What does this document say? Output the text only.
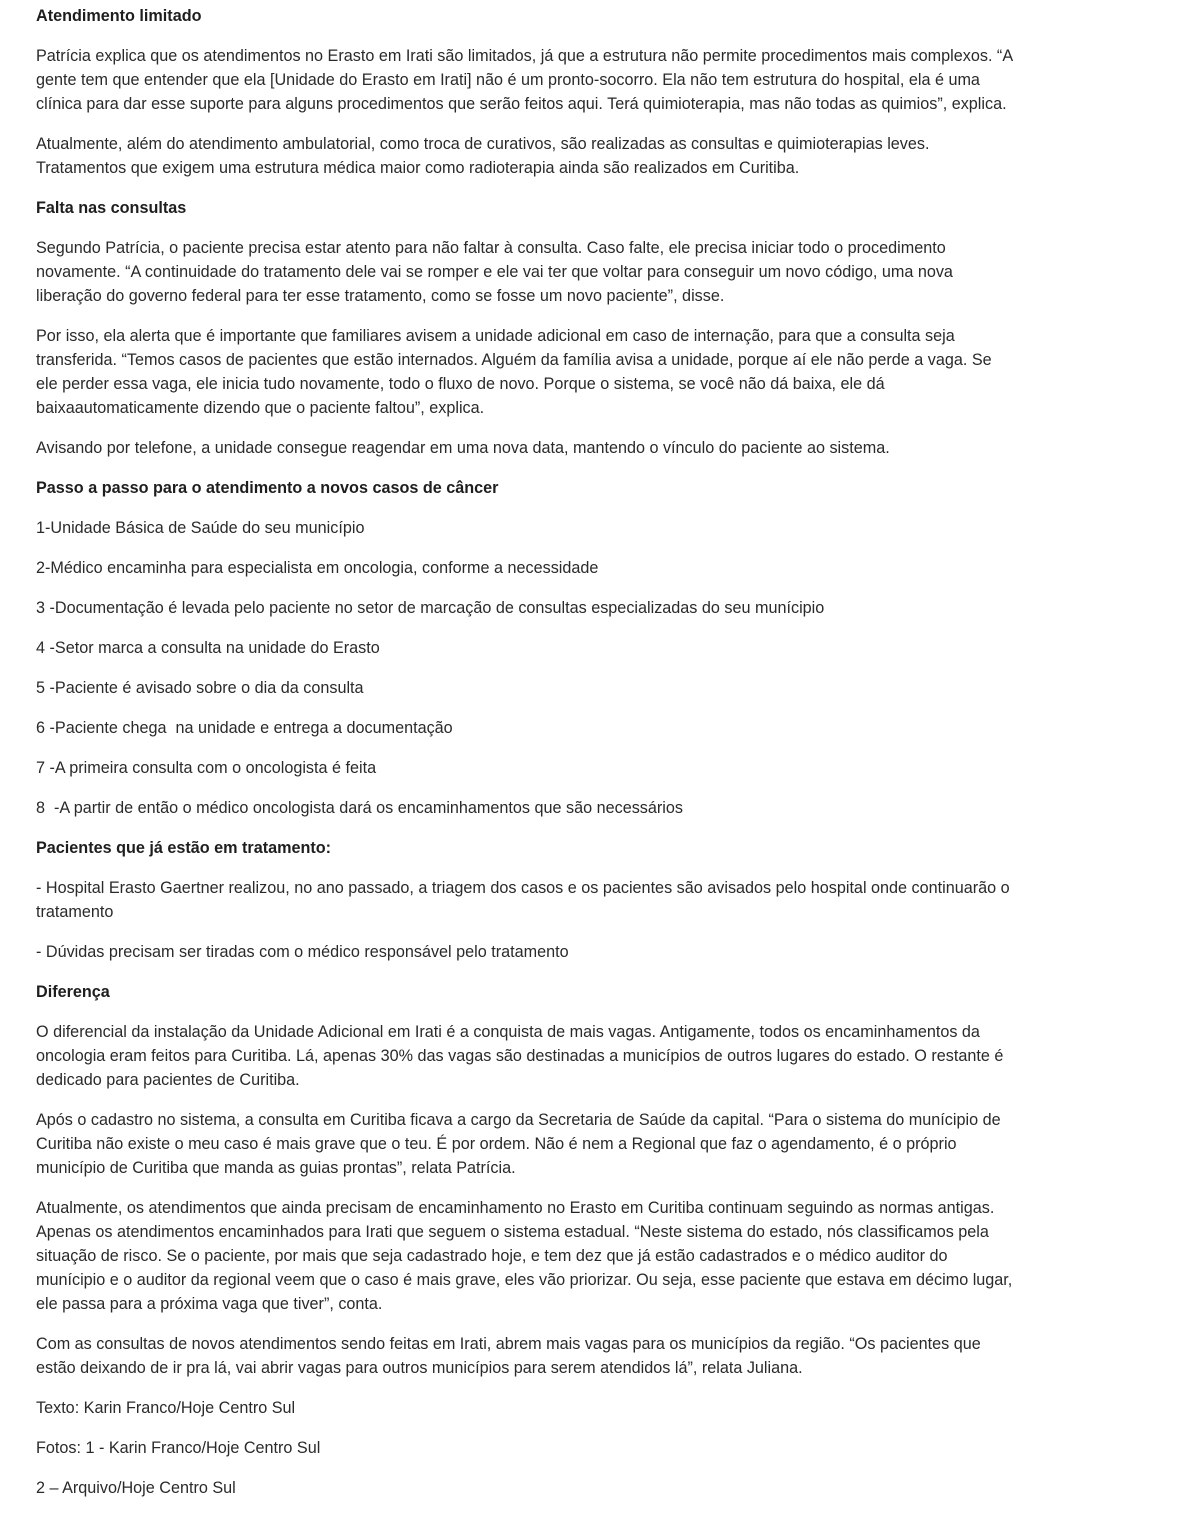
Atendimento limitado

Patrícia explica que os atendimentos no Erasto em Irati são limitados, já que a estrutura não permite procedimentos mais complexos. “A gente tem que entender que ela [Unidade do Erasto em Irati] não é um pronto-socorro. Ela não tem estrutura do hospital, ela é uma clínica para dar esse suporte para alguns procedimentos que serão feitos aqui. Terá quimioterapia, mas não todas as quimios”, explica.

Atualmente, além do atendimento ambulatorial, como troca de curativos, são realizadas as consultas e quimioterapias leves. Tratamentos que exigem uma estrutura médica maior como radioterapia ainda são realizados em Curitiba.

Falta nas consultas

Segundo Patrícia, o paciente precisa estar atento para não faltar à consulta. Caso falte, ele precisa iniciar todo o procedimento novamente. “A continuidade do tratamento dele vai se romper e ele vai ter que voltar para conseguir um novo código, uma nova liberação do governo federal para ter esse tratamento, como se fosse um novo paciente”, disse.

Por isso, ela alerta que é importante que familiares avisem a unidade adicional em caso de internação, para que a consulta seja transferida. “Temos casos de pacientes que estão internados. Alguém da família avisa a unidade, porque aí ele não perde a vaga. Se ele perder essa vaga, ele inicia tudo novamente, todo o fluxo de novo. Porque o sistema, se você não dá baixa, ele dá baixaautomaticamente dizendo que o paciente faltou”, explica.

Avisando por telefone, a unidade consegue reagendar em uma nova data, mantendo o vínculo do paciente ao sistema.

Passo a passo para o atendimento a novos casos de câncer
1-Unidade Básica de Saúde do seu município
2-Médico encaminha para especialista em oncologia, conforme a necessidade
3 -Documentação é levada pelo paciente no setor de marcação de consultas especializadas do seu munícipio
4 -Setor marca a consulta na unidade do Erasto
5 -Paciente é avisado sobre o dia da consulta
6 -Paciente chega  na unidade e entrega a documentação
7 -A primeira consulta com o oncologista é feita
8  -A partir de então o médico oncologista dará os encaminhamentos que são necessários
Pacientes que já estão em tratamento:
- Hospital Erasto Gaertner realizou, no ano passado, a triagem dos casos e os pacientes são avisados pelo hospital onde continuarão o tratamento
- Dúvidas precisam ser tiradas com o médico responsável pelo tratamento
Diferença

O diferencial da instalação da Unidade Adicional em Irati é a conquista de mais vagas. Antigamente, todos os encaminhamentos da oncologia eram feitos para Curitiba. Lá, apenas 30% das vagas são destinadas a municípios de outros lugares do estado. O restante é dedicado para pacientes de Curitiba.

Após o cadastro no sistema, a consulta em Curitiba ficava a cargo da Secretaria de Saúde da capital. “Para o sistema do munícipio de Curitiba não existe o meu caso é mais grave que o teu. É por ordem. Não é nem a Regional que faz o agendamento, é o próprio município de Curitiba que manda as guias prontas”, relata Patrícia.

Atualmente, os atendimentos que ainda precisam de encaminhamento no Erasto em Curitiba continuam seguindo as normas antigas. Apenas os atendimentos encaminhados para Irati que seguem o sistema estadual. “Neste sistema do estado, nós classificamos pela situação de risco. Se o paciente, por mais que seja cadastrado hoje, e tem dez que já estão cadastrados e o médico auditor do munícipio e o auditor da regional veem que o caso é mais grave, eles vão priorizar. Ou seja, esse paciente que estava em décimo lugar, ele passa para a próxima vaga que tiver”, conta.

Com as consultas de novos atendimentos sendo feitas em Irati, abrem mais vagas para os municípios da região. “Os pacientes que estão deixando de ir pra lá, vai abrir vagas para outros municípios para serem atendidos lá”, relata Juliana.

Texto: Karin Franco/Hoje Centro Sul

Fotos: 1 - Karin Franco/Hoje Centro Sul

2 – Arquivo/Hoje Centro Sul
